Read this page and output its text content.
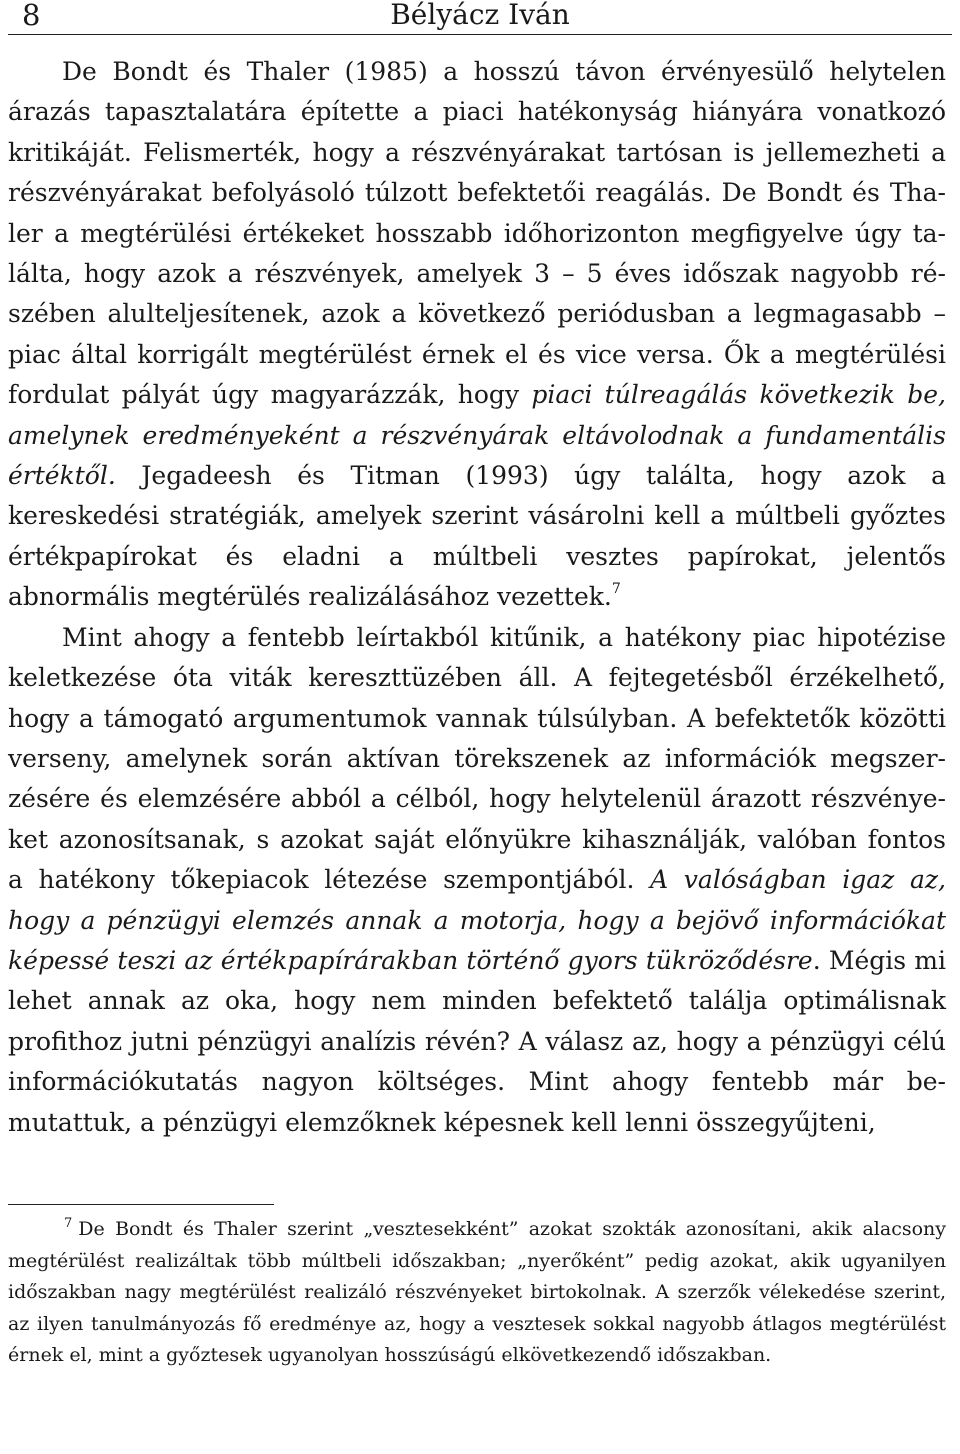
8	Bélyácz Iván

De Bondt és Thaler (1985) a hosszú távon érvényesülő helytelen árazás tapasztalatára építette a piaci hatékonyság hiányára vonatkozó kritikáját. Felismerték, hogy a részvényárakat tartósan is jellemezheti a részvényárakat befolyásoló túlzott befektetői reagálás. De Bondt és Thaler a megtérülési értékeket hosszabb időhorizonton megfigyelve úgy találta, hogy azok a részvények, amelyek 3 – 5 éves időszak nagyobb részében alulteljesítenek, azok a következő periódusban a legmagasabb – piac által korrigált megtérülést érnek el és vice versa. Ők a megtérülési fordulat pályát úgy magyarázzák, hogy piaci túlreagálás következik be, amelynek eredményeként a részvényárak eltávolodnak a fundamentális értéktől. Jegadeesh és Titman (1993) úgy találta, hogy azok a kereskedési stratégiák, amelyek szerint vásárolni kell a múltbeli győztes értékpapírokat és eladni a múltbeli vesztes papírokat, jelentős abnormális megtérülés realizálásához vezettek.$^7$

Mint ahogy a fentebb leírtakból kitűnik, a hatékony piac hipotézise keletkezése óta viták kereszttüzében áll. A fejtegetésből érzékelhető, hogy a támogató argumentumok vannak túlsúlyban. A befektetők közötti verseny, amelynek során aktívan törekszenek az információk megszerzésére és elemzésére abból a célból, hogy helytelenül árazott részvényeket azonosítsanak, s azokat saját előnyükre kihasználják, valóban fontos a hatékony tőkepiacok létezése szempontjából. A valóságban igaz az, hogy a pénzügyi elemzés annak a motorja, hogy a bejövő információkat képessé teszi az értékpapírárakban történő gyors tükröződésre. Mégis mi lehet annak az oka, hogy nem minden befektető találja optimálisnak profithoz jutni pénzügyi analízis révén? A válasz az, hogy a pénzügyi célú információkutatás nagyon költséges. Mint ahogy fentebb már bemutattuk, a pénzügyi elemzőknek képesnek kell lenni összegyűjteni,

$^7$ De Bondt és Thaler szerint „vesztesekként” azokat szokták azonosítani, akik alacsony megtérülést realizáltak több múltbeli időszakban; „nyerőként” pedig azokat, akik ugyanilyen időszakban nagy megtérülést realizáló részvényeket birtokolnak. A szerzők vélekedése szerint, az ilyen tanulmányozás fő eredménye az, hogy a vesztesek sokkal nagyobb átlagos megtérülést érnek el, mint a győztesek ugyanolyan hosszúságú elkövetkezendő időszakban.
